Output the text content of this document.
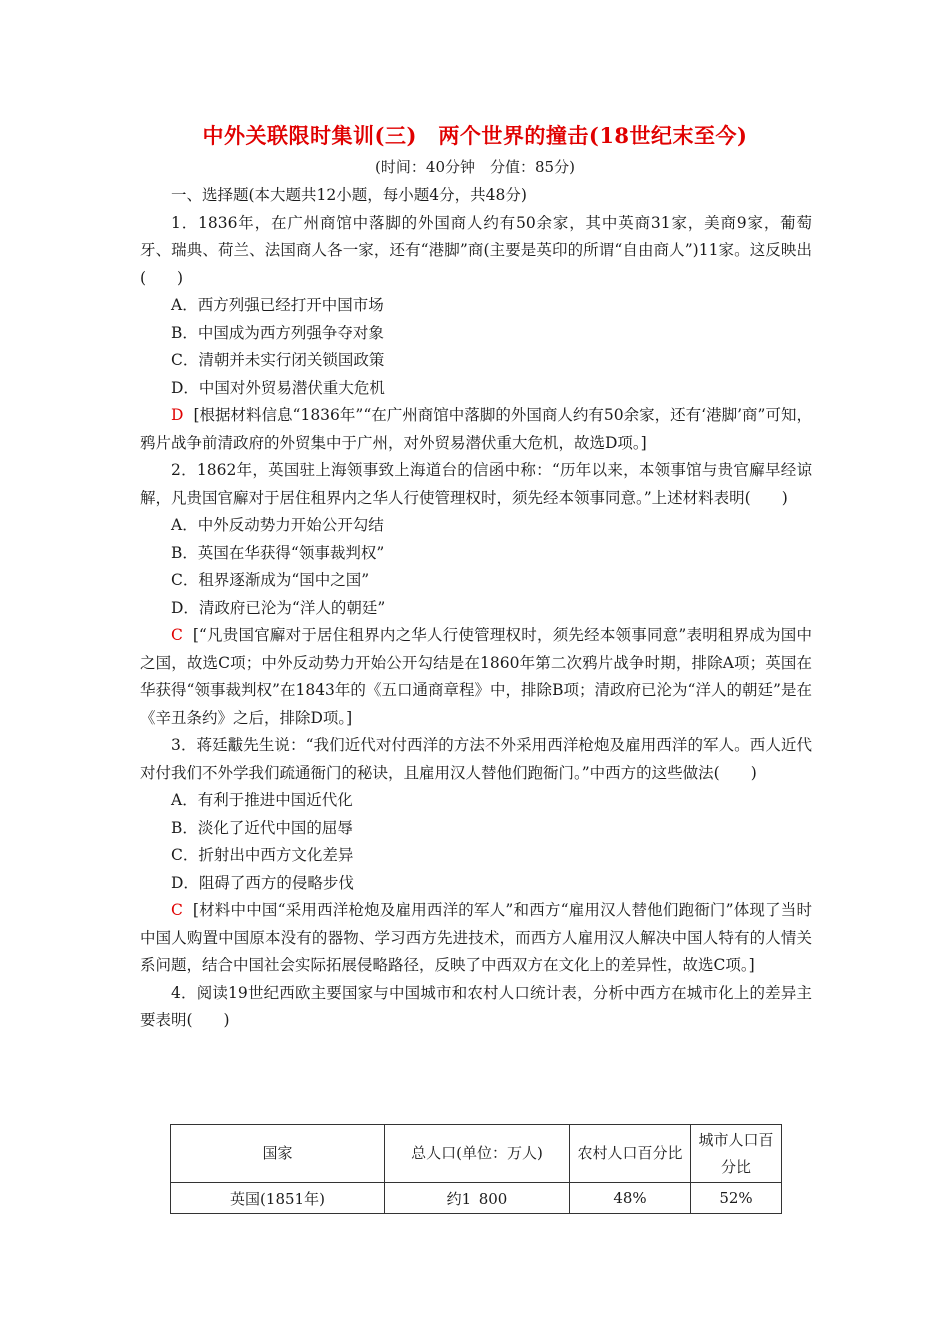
中外关联限时集训(三)　两个世界的撞击(18世纪末至今)
(时间：40分钟　分值：85分)

一、选择题(本大题共12小题，每小题4分，共48分)

1．1836年，在广州商馆中落脚的外国商人约有50余家，其中英商31家，美商9家，葡萄牙、瑞典、荷兰、法国商人各一家，还有“港脚”商(主要是英印的所谓“自由商人”)11家。这反映出(　　)

A．西方列强已经打开中国市场

B．中国成为西方列强争夺对象

C．清朝并未实行闭关锁国政策

D．中国对外贸易潜伏重大危机

D [根据材料信息“1836年”“在广州商馆中落脚的外国商人约有50余家，还有‘港脚’商”可知，鸦片战争前清政府的外贸集中于广州，对外贸易潜伏重大危机，故选D项。]

2．1862年，英国驻上海领事致上海道台的信函中称：“历年以来，本领事馆与贵官廨早经谅解，凡贵国官廨对于居住租界内之华人行使管理权时，须先经本领事同意。”上述材料表明(　　)

A．中外反动势力开始公开勾结

B．英国在华获得“领事裁判权”

C．租界逐渐成为“国中之国”

D．清政府已沦为“洋人的朝廷”

C [“凡贵国官廨对于居住租界内之华人行使管理权时，须先经本领事同意”表明租界成为国中之国，故选C项；中外反动势力开始公开勾结是在1860年第二次鸦片战争时期，排除A项；英国在华获得“领事裁判权”在1843年的《五口通商章程》中，排除B项；清政府已沦为“洋人的朝廷”是在《辛丑条约》之后，排除D项。]

3．蒋廷黻先生说：“我们近代对付西洋的方法不外采用西洋枪炮及雇用西洋的军人。西人近代对付我们不外学我们疏通衙门的秘诀，且雇用汉人替他们跑衙门。”中西方的这些做法(　　)

A．有利于推进中国近代化

B．淡化了近代中国的屈辱

C．折射出中西方文化差异

D．阻碍了西方的侵略步伐

C [材料中中国“采用西洋枪炮及雇用西洋的军人”和西方“雇用汉人替他们跑衙门”体现了当时中国人购置中国原本没有的器物、学习西方先进技术，而西方人雇用汉人解决中国人特有的人情关系问题，结合中国社会实际拓展侵略路径，反映了中西双方在文化上的差异性，故选C项。]

4．阅读19世纪西欧主要国家与中国城市和农村人口统计表，分析中西方在城市化上的差异主要表明(　　)

国家	总人口(单位：万人)	农村人口百分比	城市人口百分比
英国(1851年)	约1 800	48%	52%
